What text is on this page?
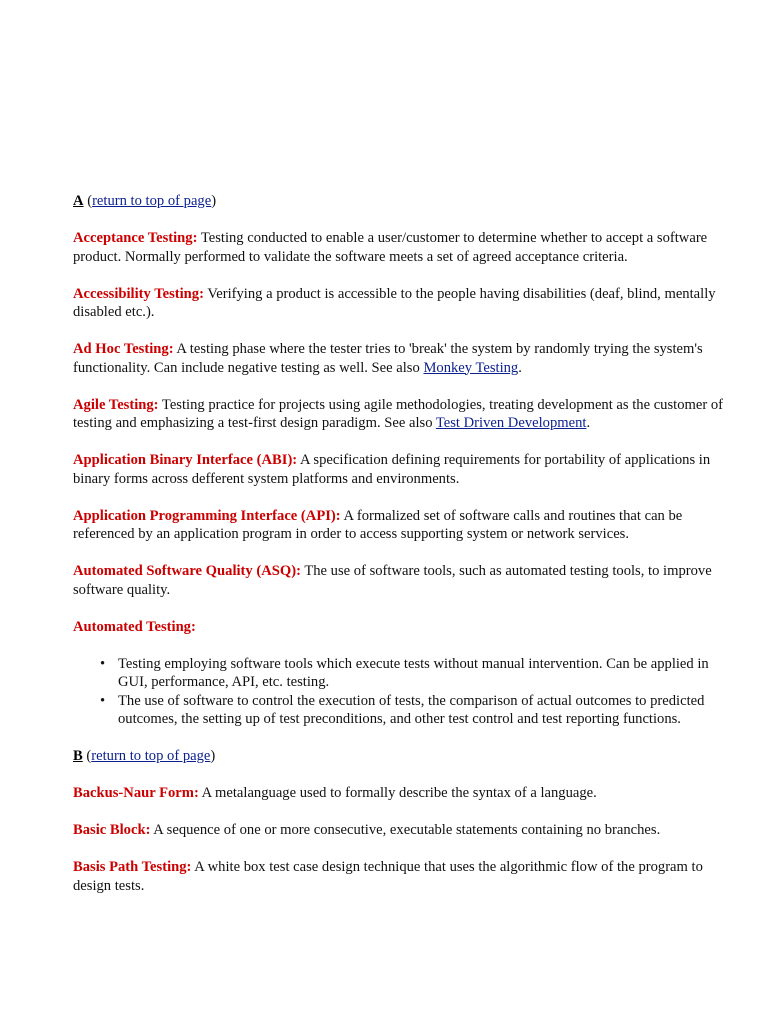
A (return to top of page)

Acceptance Testing: Testing conducted to enable a user/customer to determine whether to accept a software product. Normally performed to validate the software meets a set of agreed acceptance criteria.

Accessibility Testing: Verifying a product is accessible to the people having disabilities (deaf, blind, mentally disabled etc.).

Ad Hoc Testing: A testing phase where the tester tries to 'break' the system by randomly trying the system's functionality. Can include negative testing as well. See also Monkey Testing.

Agile Testing: Testing practice for projects using agile methodologies, treating development as the customer of testing and emphasizing a test-first design paradigm. See also Test Driven Development.

Application Binary Interface (ABI): A specification defining requirements for portability of applications in binary forms across defferent system platforms and environments.

Application Programming Interface (API): A formalized set of software calls and routines that can be referenced by an application program in order to access supporting system or network services.

Automated Software Quality (ASQ): The use of software tools, such as automated testing tools, to improve software quality.

Automated Testing:

• Testing employing software tools which execute tests without manual intervention. Can be applied in GUI, performance, API, etc. testing.
• The use of software to control the execution of tests, the comparison of actual outcomes to predicted outcomes, the setting up of test preconditions, and other test control and test reporting functions.

B (return to top of page)

Backus-Naur Form: A metalanguage used to formally describe the syntax of a language.

Basic Block: A sequence of one or more consecutive, executable statements containing no branches.

Basis Path Testing: A white box test case design technique that uses the algorithmic flow of the program to design tests.
